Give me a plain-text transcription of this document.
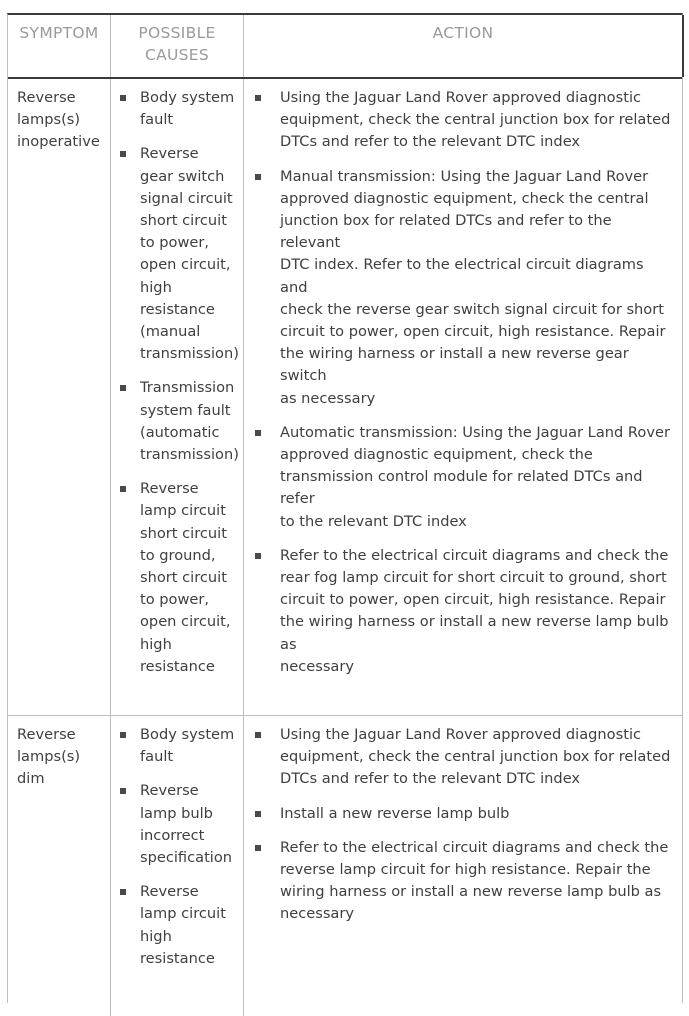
SYMPTOM	POSSIBLE
CAUSES
ACTION
Reverse
lamps(s)
inoperative
Body system
fault
Reverse
gear switch
signal circuit
short circuit
to power,
open circuit,
high
resistance
(manual
transmission)
Transmission
system fault
(automatic
transmission)
Reverse
lamp circuit
short circuit
to ground,
short circuit
to power,
open circuit,
high
resistance
Using the Jaguar Land Rover approved diagnostic
equipment, check the central junction box for related
DTCs and refer to the relevant DTC index
Manual transmission: Using the Jaguar Land Rover
approved diagnostic equipment, check the central
junction box for related DTCs and refer to the relevant
DTC index. Refer to the electrical circuit diagrams and
check the reverse gear switch signal circuit for short
circuit to power, open circuit, high resistance. Repair
the wiring harness or install a new reverse gear switch
as necessary
Automatic transmission: Using the Jaguar Land Rover
approved diagnostic equipment, check the
transmission control module for related DTCs and refer
to the relevant DTC index
Refer to the electrical circuit diagrams and check the
rear fog lamp circuit for short circuit to ground, short
circuit to power, open circuit, high resistance. Repair
the wiring harness or install a new reverse lamp bulb as
necessary
Reverse
lamps(s)
dim
Body system
fault
Reverse
lamp bulb
incorrect
specification
Reverse
lamp circuit
high
resistance
Using the Jaguar Land Rover approved diagnostic
equipment, check the central junction box for related
DTCs and refer to the relevant DTC index
Install a new reverse lamp bulb
Refer to the electrical circuit diagrams and check the
reverse lamp circuit for high resistance. Repair the
wiring harness or install a new reverse lamp bulb as
necessary
